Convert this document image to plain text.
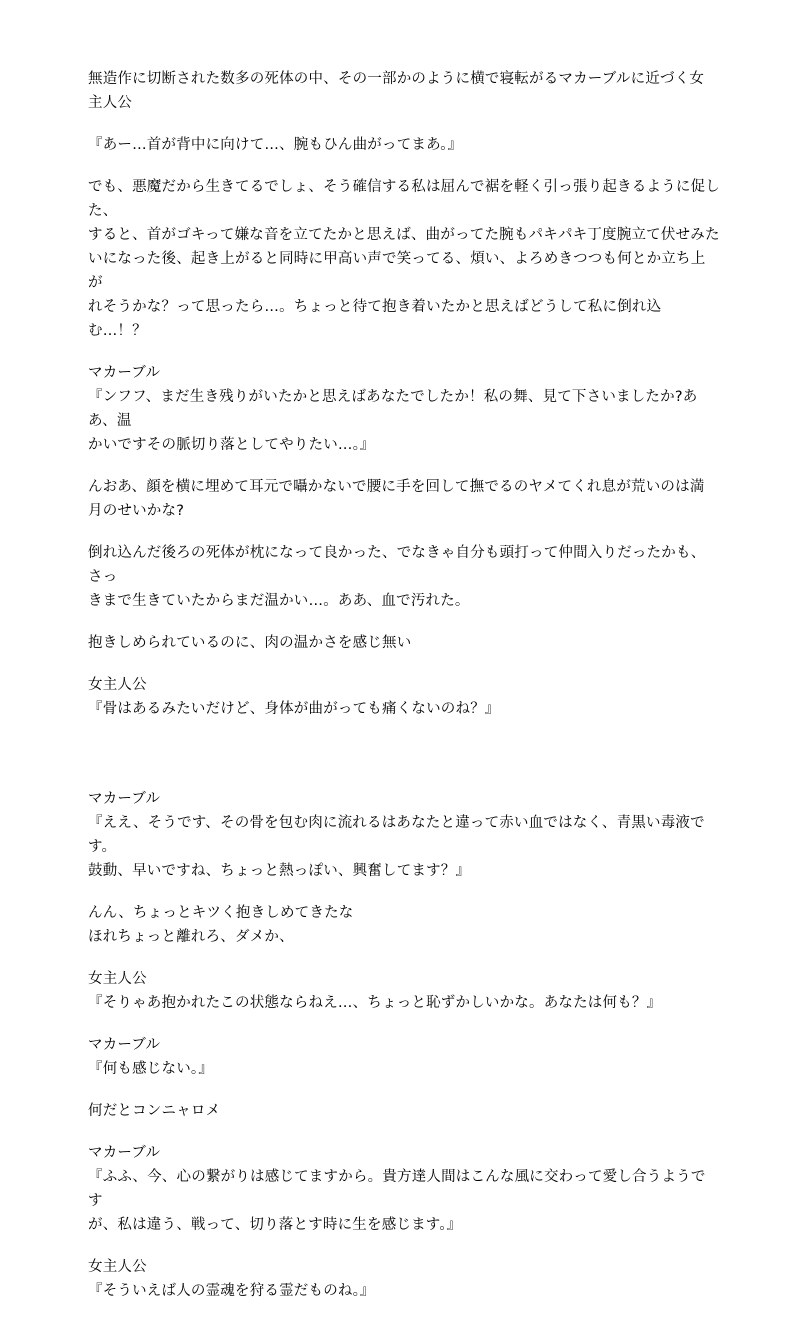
無造作に切断された数多の死体の中、その一部かのように横で寝転がるマカーブルに近づく女
主人公
『あー…首が背中に向けて…、腕もひん曲がってまあ。』
でも、悪魔だから生きてるでしょ、そう確信する私は屈んで裾を軽く引っ張り起きるように促した、
すると、首がゴキって嫌な音を立てたかと思えば、曲がってた腕もパキパキ丁度腕立て伏せみた
いになった後、起き上がると同時に甲高い声で笑ってる、煩い、よろめきつつも何とか立ち上が
れそうかな？って思ったら…。ちょっと待て抱き着いたかと思えばどうして私に倒れ込む…！？
マカーブル
『ンフフ、まだ生き残りがいたかと思えばあなたでしたか！私の舞、見て下さいましたか?ああ、温
かいですその脈切り落としてやりたい…。』
んおあ、顔を横に埋めて耳元で囁かないで腰に手を回して撫でるのヤメてくれ息が荒いのは満
月のせいかな?
倒れ込んだ後ろの死体が枕になって良かった、でなきゃ自分も頭打って仲間入りだったかも、さっ
きまで生きていたからまだ温かい…。ああ、血で汚れた。
抱きしめられているのに、肉の温かさを感じ無い
女主人公
『骨はあるみたいだけど、身体が曲がっても痛くないのね？』
マカーブル
『ええ、そうです、その骨を包む肉に流れるはあなたと違って赤い血ではなく、青黒い毒液です。
鼓動、早いですね、ちょっと熱っぽい、興奮してます？』
んん、ちょっとキツく抱きしめてきたな
ほれちょっと離れろ、ダメか、
女主人公
『そりゃあ抱かれたこの状態ならねえ…、ちょっと恥ずかしいかな。あなたは何も？』
マカーブル
『何も感じない。』
何だとコンニャロメ
マカーブル
『ふふ、今、心の繋がりは感じてますから。貴方達人間はこんな風に交わって愛し合うようです
が、私は違う、戦って、切り落とす時に生を感じます。』
女主人公
『そういえば人の霊魂を狩る霊だものね。』
